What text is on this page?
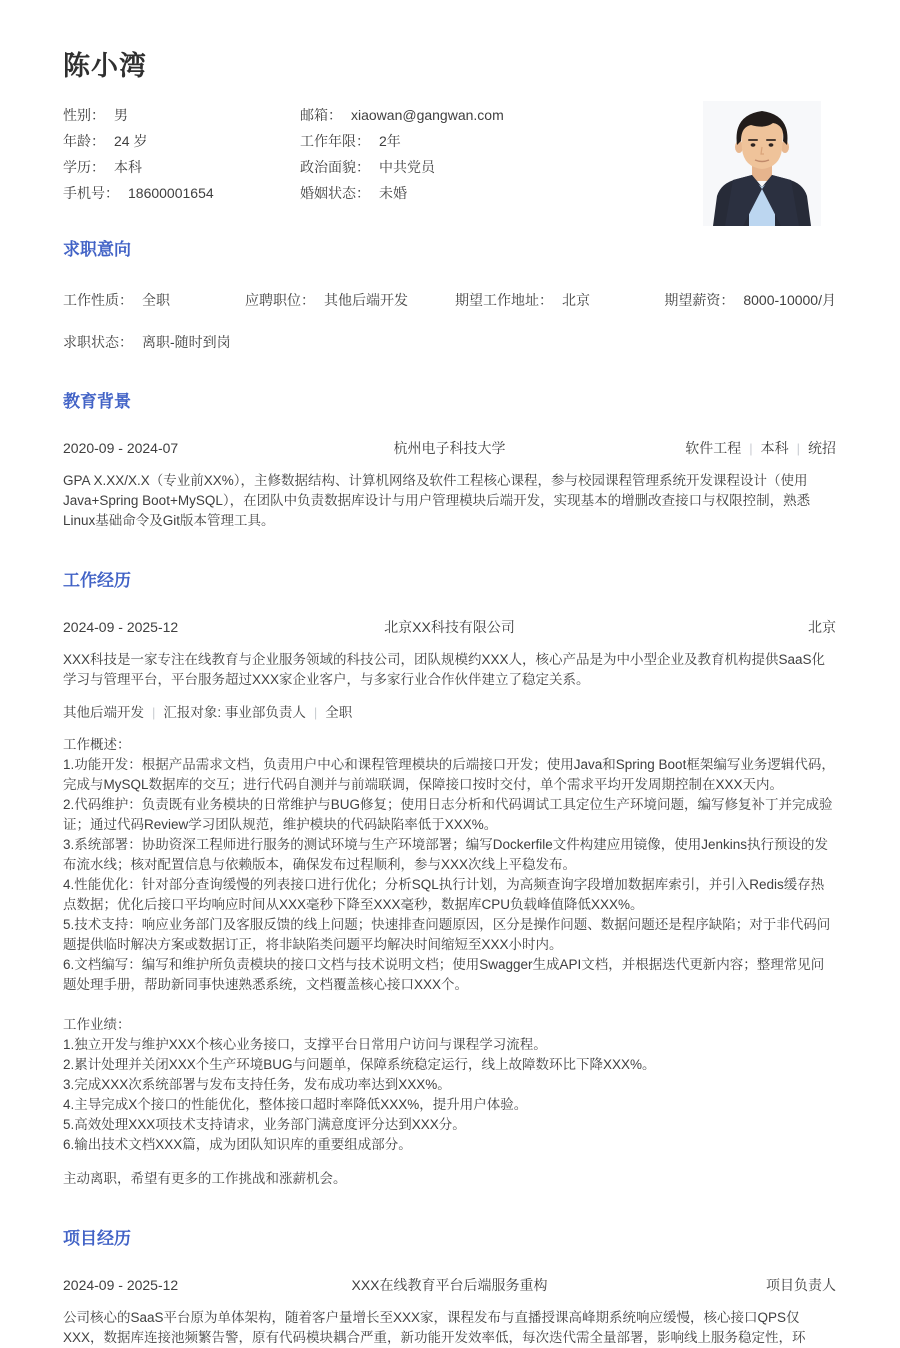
陈小湾
性别： 男
年龄： 24 岁
学历： 本科
手机号： 18600001654
邮箱： xiaowan@gangwan.com
工作年限： 2年
政治面貌： 中共党员
婚姻状态： 未婚
求职意向
工作性质： 全职	应聘职位： 其他后端开发	期望工作地址： 北京	期望薪资： 8000-10000/月
求职状态： 离职-随时到岗
教育背景
2020-09 - 2024-07	杭州电子科技大学	软件工程 | 本科 | 统招

GPA X.XX/X.X（专业前XX%），主修数据结构、计算机网络及软件工程核心课程，参与校园课程管理系统开发课程设计（使用Java+Spring Boot+MySQL），在团队中负责数据库设计与用户管理模块后端开发，实现基本的增删改查接口与权限控制，熟悉Linux基础命令及Git版本管理工具。

工作经历
2024-09 - 2025-12	北京XX科技有限公司	北京

XXX科技是一家专注在线教育与企业服务领域的科技公司，团队规模约XXX人，核心产品是为中小型企业及教育机构提供SaaS化学习与管理平台，平台服务超过XXX家企业客户，与多家行业合作伙伴建立了稳定关系。

其他后端开发 | 汇报对象: 事业部负责人 | 全职
工作概述：
1.功能开发：根据产品需求文档，负责用户中心和课程管理模块的后端接口开发；使用Java和Spring Boot框架编写业务逻辑代码，完成与MySQL数据库的交互；进行代码自测并与前端联调，保障接口按时交付，单个需求平均开发周期控制在XXX天内。
2.代码维护：负责既有业务模块的日常维护与BUG修复；使用日志分析和代码调试工具定位生产环境问题，编写修复补丁并完成验证；通过代码Review学习团队规范，维护模块的代码缺陷率低于XXX%。
3.系统部署：协助资深工程师进行服务的测试环境与生产环境部署；编写Dockerfile文件构建应用镜像，使用Jenkins执行预设的发布流水线；核对配置信息与依赖版本，确保发布过程顺利，参与XXX次线上平稳发布。
4.性能优化：针对部分查询缓慢的列表接口进行优化；分析SQL执行计划，为高频查询字段增加数据库索引，并引入Redis缓存热点数据；优化后接口平均响应时间从XXX毫秒下降至XXX毫秒，数据库CPU负载峰值降低XXX%。
5.技术支持：响应业务部门及客服反馈的线上问题；快速排查问题原因，区分是操作问题、数据问题还是程序缺陷；对于非代码问题提供临时解决方案或数据订正，将非缺陷类问题平均解决时间缩短至XXX小时内。
6.文档编写：编写和维护所负责模块的接口文档与技术说明文档；使用Swagger生成API文档，并根据迭代更新内容；整理常见问题处理手册，帮助新同事快速熟悉系统，文档覆盖核心接口XXX个。
工作业绩：
1.独立开发与维护XXX个核心业务接口，支撑平台日常用户访问与课程学习流程。
2.累计处理并关闭XXX个生产环境BUG与问题单，保障系统稳定运行，线上故障数环比下降XXX%。
3.完成XXX次系统部署与发布支持任务，发布成功率达到XXX%。
4.主导完成X个接口的性能优化，整体接口超时率降低XXX%，提升用户体验。
5.高效处理XXX项技术支持请求，业务部门满意度评分达到XXX分。
6.输出技术文档XXX篇，成为团队知识库的重要组成部分。

主动离职，希望有更多的工作挑战和涨薪机会。

项目经历
2024-09 - 2025-12	XXX在线教育平台后端服务重构	项目负责人

公司核心的SaaS平台原为单体架构，随着客户量增长至XXX家，课程发布与直播授课高峰期系统响应缓慢，核心接口QPS仅XXX，数据库连接池频繁告警，原有代码模块耦合严重，新功能开发效率低，每次迭代需全量部署，影响线上服务稳定性，环
